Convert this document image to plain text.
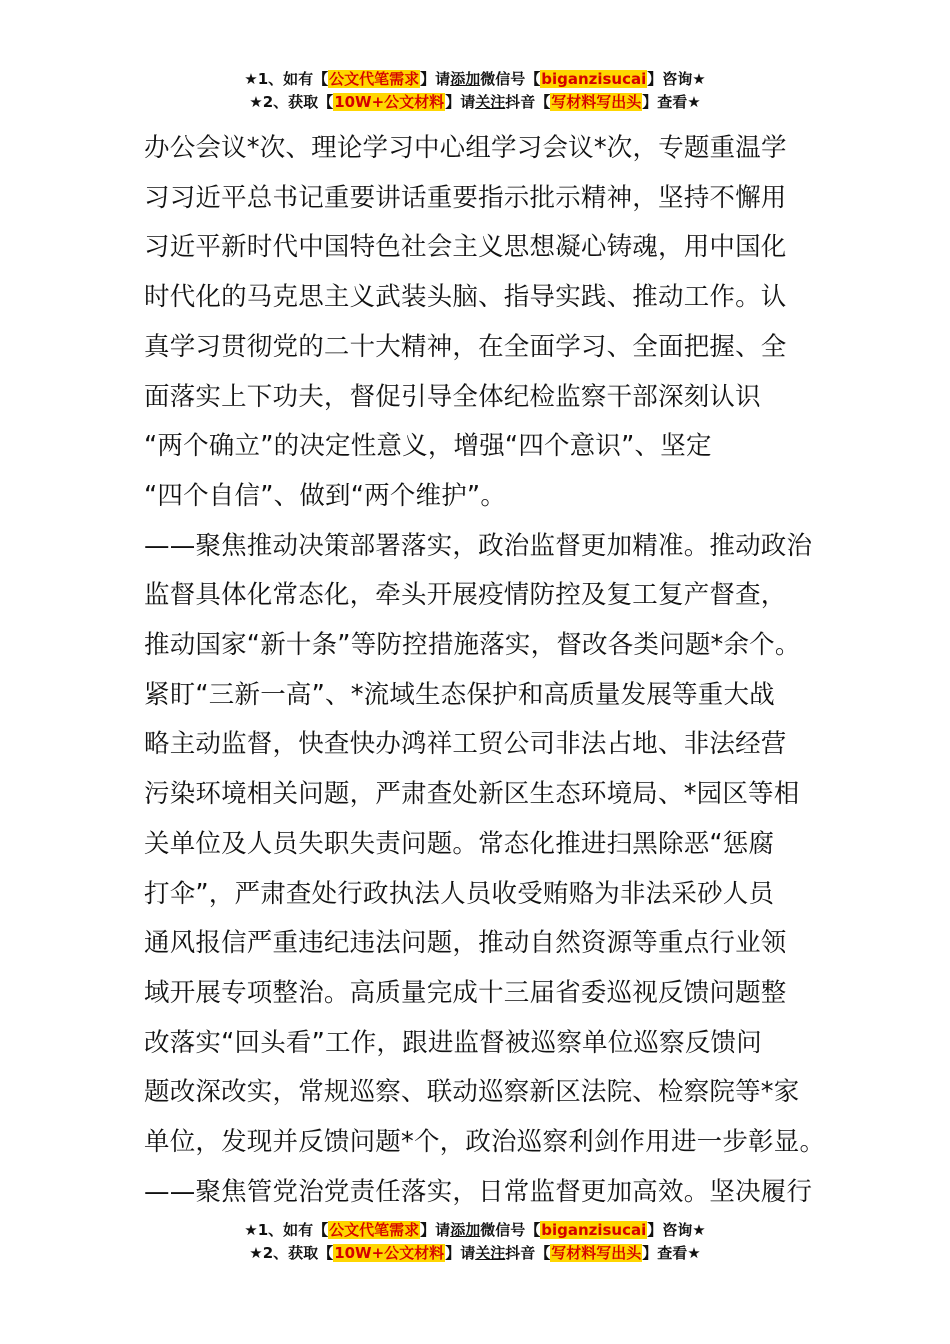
★1、如有【公文代笔需求】请添加微信号【biganzisucai】咨询★
★2、获取【10W+公文材料】请关注抖音【写材料写出头】查看★
办公会议*次、理论学习中心组学习会议*次，专题重温学
习习近平总书记重要讲话重要指示批示精神，坚持不懈用
习近平新时代中国特色社会主义思想凝心铸魂，用中国化
时代化的马克思主义武装头脑、指导实践、推动工作。认
真学习贯彻党的二十大精神，在全面学习、全面把握、全
面落实上下功夫，督促引导全体纪检监察干部深刻认识
“两个确立”的决定性意义，增强“四个意识”、坚定
“四个自信”、做到“两个维护”。
——聚焦推动决策部署落实，政治监督更加精准。推动政治
监督具体化常态化，牵头开展疫情防控及复工复产督查，
推动国家“新十条”等防控措施落实，督改各类问题*余个。
紧盯“三新一高”、*流域生态保护和高质量发展等重大战
略主动监督，快查快办鸿祥工贸公司非法占地、非法经营
污染环境相关问题，严肃查处新区生态环境局、*园区等相
关单位及人员失职失责问题。常态化推进扫黑除恶“惩腐
打伞”，严肃查处行政执法人员收受贿赂为非法采砂人员
通风报信严重违纪违法问题，推动自然资源等重点行业领
域开展专项整治。高质量完成十三届省委巡视反馈问题整
改落实“回头看”工作，跟进监督被巡察单位巡察反馈问
题改深改实，常规巡察、联动巡察新区法院、检察院等*家
单位，发现并反馈问题*个，政治巡察利剑作用进一步彰显。
——聚焦管党治党责任落实，日常监督更加高效。坚决履行
★1、如有【公文代笔需求】请添加微信号【biganzisucai】咨询★
★2、获取【10W+公文材料】请关注抖音【写材料写出头】查看★
